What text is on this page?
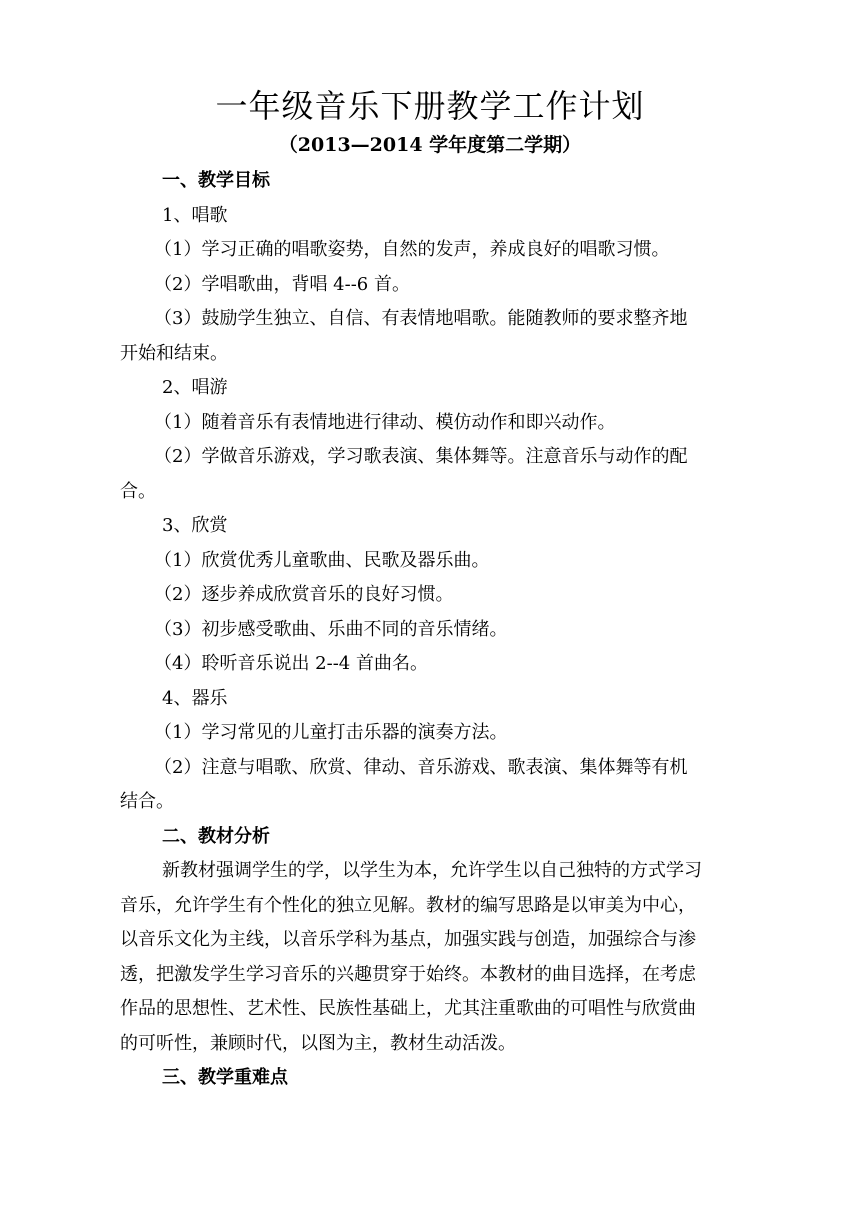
一年级音乐下册教学工作计划
（2013—2014 学年度第二学期）
一、教学目标
1、唱歌
（1）学习正确的唱歌姿势，自然的发声，养成良好的唱歌习惯。
（2）学唱歌曲，背唱 4--6 首。
（3）鼓励学生独立、自信、有表情地唱歌。能随教师的要求整齐地
开始和结束。
2、唱游
（1）随着音乐有表情地进行律动、模仿动作和即兴动作。
（2）学做音乐游戏，学习歌表演、集体舞等。注意音乐与动作的配
合。
3、欣赏
（1）欣赏优秀儿童歌曲、民歌及器乐曲。
（2）逐步养成欣赏音乐的良好习惯。
（3）初步感受歌曲、乐曲不同的音乐情绪。
（4）聆听音乐说出 2--4 首曲名。
4、器乐
（1）学习常见的儿童打击乐器的演奏方法。
（2）注意与唱歌、欣赏、律动、音乐游戏、歌表演、集体舞等有机
结合。
二、教材分析
新教材强调学生的学，以学生为本，允许学生以自己独特的方式学习
音乐，允许学生有个性化的独立见解。教材的编写思路是以审美为中心，
以音乐文化为主线，以音乐学科为基点，加强实践与创造，加强综合与渗
透，把激发学生学习音乐的兴趣贯穿于始终。本教材的曲目选择，在考虑
作品的思想性、艺术性、民族性基础上，尤其注重歌曲的可唱性与欣赏曲
的可听性，兼顾时代，以图为主，教材生动活泼。
三、教学重难点
